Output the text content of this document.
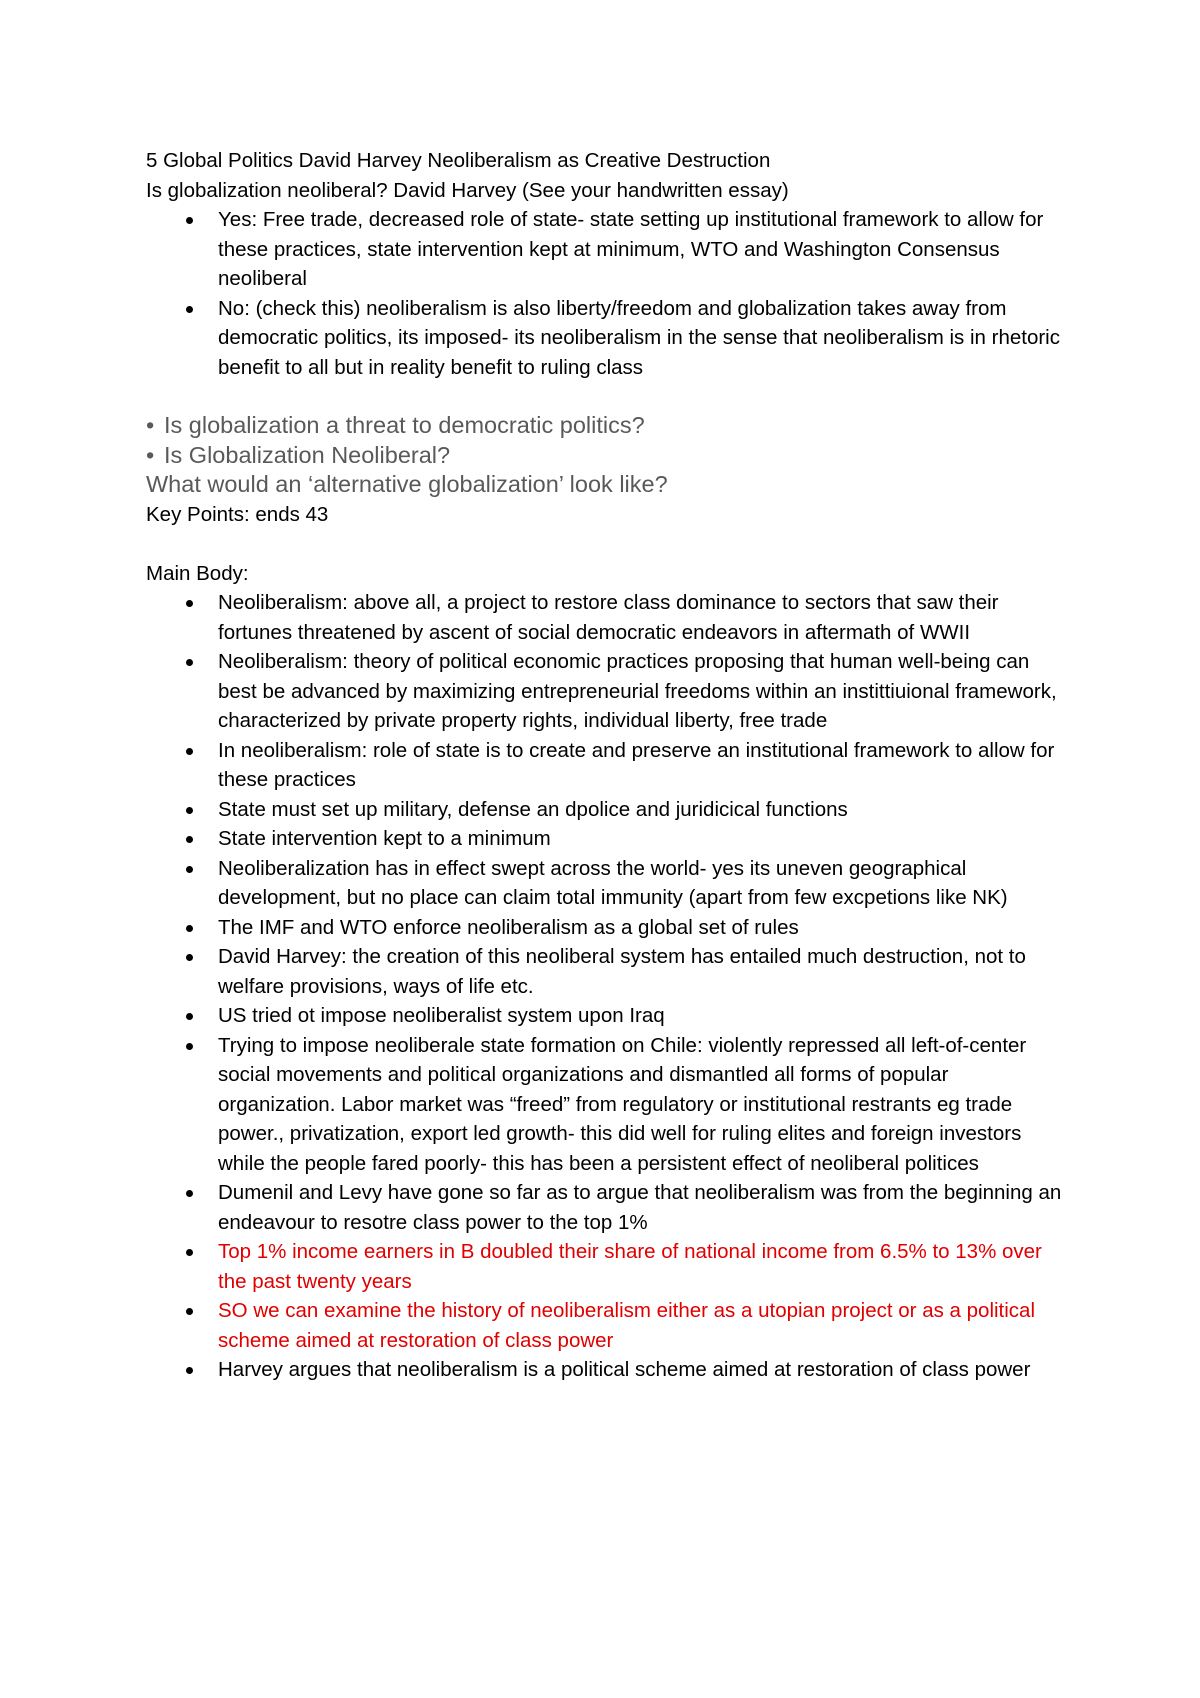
5 Global Politics David Harvey Neoliberalism as Creative Destruction

Is globalization neoliberal? David Harvey (See your handwritten essay)

Yes: Free trade, decreased role of state- state setting up institutional framework to allow for these practices, state intervention kept at minimum, WTO and Washington Consensus neoliberal
No: (check this) neoliberalism is also liberty/freedom and globalization takes away from democratic politics, its imposed- its neoliberalism in the sense that neoliberalism is in rhetoric benefit to all but in reality benefit to ruling class

• Is globalization a threat to democratic politics?

• Is Globalization Neoliberal?

What would an ‘alternative globalization’ look like?

Key Points: ends 43

Main Body:

Neoliberalism: above all, a project to restore class dominance to sectors that saw their fortunes threatened by ascent of social democratic endeavors in aftermath of WWII
Neoliberalism: theory of political economic practices proposing that human well-being can best be advanced by maximizing entrepreneurial freedoms within an instittiuional framework, characterized by private property rights, individual liberty, free trade
In neoliberalism: role of state is to create and preserve an institutional framework to allow for these practices
State must set up military, defense an dpolice and juridicical functions
State intervention kept to a minimum
Neoliberalization has in effect swept across the world- yes its uneven geographical development, but no place can claim total immunity (apart from few excpetions like NK)
The IMF and WTO enforce neoliberalism as a global set of rules
David Harvey: the creation of this neoliberal system has entailed much destruction, not to welfare provisions, ways of life etc.
US tried ot impose neoliberalist system upon Iraq
Trying to impose neoliberale state formation on Chile: violently repressed all left-of-center social movements and political organizations and dismantled all forms of popular organization. Labor market was “freed” from regulatory or institutional restrants eg trade power., privatization, export led growth- this did well for ruling elites and foreign investors while the people fared poorly- this has been a persistent effect of neoliberal politices
Dumenil and Levy have gone so far as to argue that neoliberalism was from the beginning an endeavour to resotre class power to the top 1%
Top 1% income earners in B doubled their share of national income from 6.5% to 13% over the past twenty years
SO we can examine the history of neoliberalism either as a utopian project or as a political scheme aimed at restoration of class power
Harvey argues that neoliberalism is a political scheme aimed at restoration of class power
